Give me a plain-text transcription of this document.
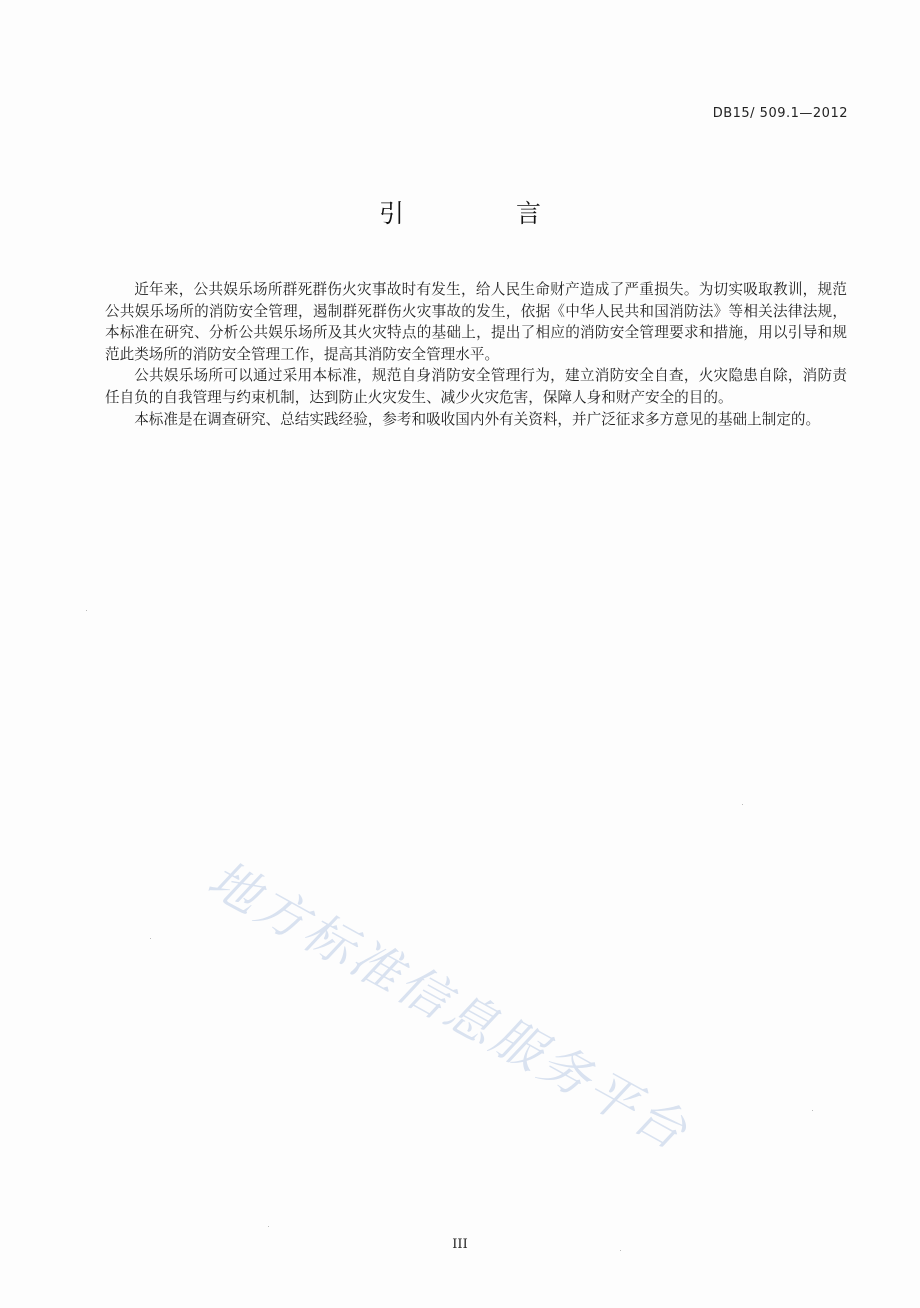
DB15/ 509.1—2012
引 言

近年来，公共娱乐场所群死群伤火灾事故时有发生，给人民生命财产造成了严重损失。为切实吸取教训，规范公共娱乐场所的消防安全管理，遏制群死群伤火灾事故的发生，依据《中华人民共和国消防法》等相关法律法规，本标准在研究、分析公共娱乐场所及其火灾特点的基础上，提出了相应的消防安全管理要求和措施，用以引导和规范此类场所的消防安全管理工作，提高其消防安全管理水平。

公共娱乐场所可以通过采用本标准，规范自身消防安全管理行为，建立消防安全自查，火灾隐患自除，消防责任自负的自我管理与约束机制，达到防止火灾发生、减少火灾危害，保障人身和财产安全的目的。

本标准是在调查研究、总结实践经验，参考和吸收国内外有关资料，并广泛征求多方意见的基础上制定的。

地方标准信息服务平台
III
